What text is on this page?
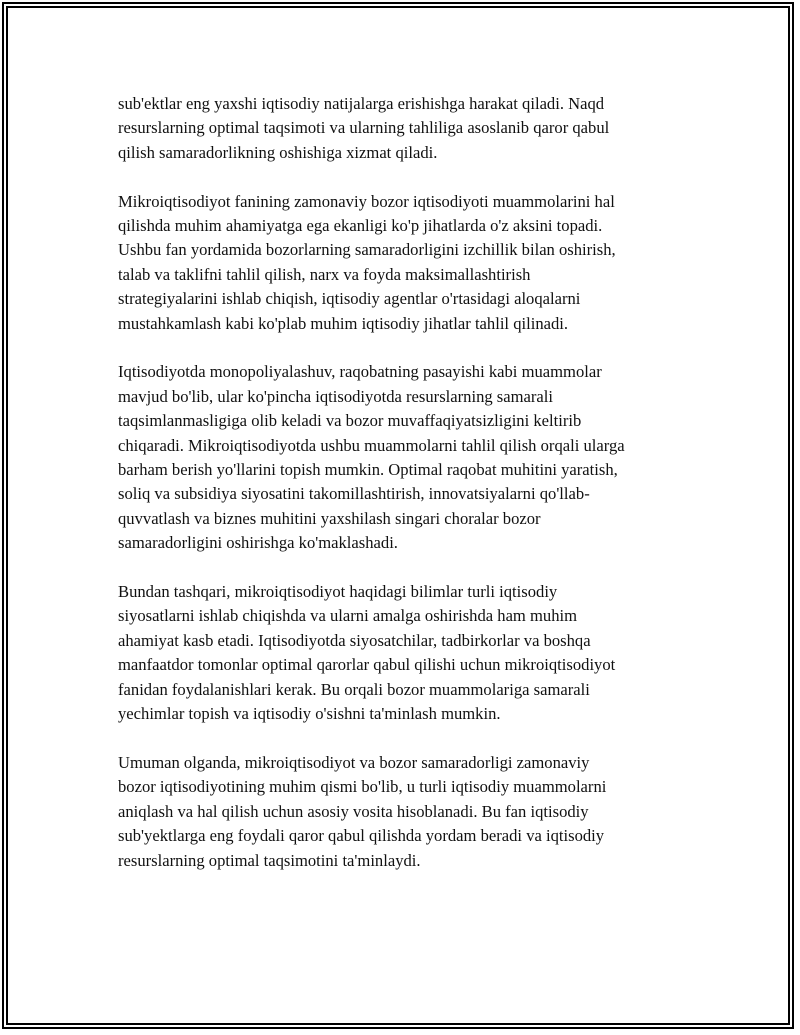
sub'ektlar eng yaxshi iqtisodiy natijalarga erishishga harakat qiladi. Naqd
resurslarning optimal taqsimoti va ularning tahliliga asoslanib qaror qabul
qilish samaradorlikning oshishiga xizmat qiladi.

Mikroiqtisodiyot fanining zamonaviy bozor iqtisodiyoti muammolarini hal
qilishda muhim ahamiyatga ega ekanligi ko'p jihatlarda o'z aksini topadi.
Ushbu fan yordamida bozorlarning samaradorligini izchillik bilan oshirish,
talab va taklifni tahlil qilish, narx va foyda maksimallashtirish
strategiyalarini ishlab chiqish, iqtisodiy agentlar o'rtasidagi aloqalarni
mustahkamlash kabi ko'plab muhim iqtisodiy jihatlar tahlil qilinadi.

Iqtisodiyotda monopoliyalashuv, raqobatning pasayishi kabi muammolar
mavjud bo'lib, ular ko'pincha iqtisodiyotda resurslarning samarali
taqsimlanmasligiga olib keladi va bozor muvaffaqiyatsizligini keltirib
chiqaradi. Mikroiqtisodiyotda ushbu muammolarni tahlil qilish orqali ularga
barham berish yo'llarini topish mumkin. Optimal raqobat muhitini yaratish,
soliq va subsidiya siyosatini takomillashtirish, innovatsiyalarni qo'llab-
quvvatlash va biznes muhitini yaxshilash singari choralar bozor
samaradorligini oshirishga ko'maklashadi.

Bundan tashqari, mikroiqtisodiyot haqidagi bilimlar turli iqtisodiy
siyosatlarni ishlab chiqishda va ularni amalga oshirishda ham muhim
ahamiyat kasb etadi. Iqtisodiyotda siyosatchilar, tadbirkorlar va boshqa
manfaatdor tomonlar optimal qarorlar qabul qilishi uchun mikroiqtisodiyot
fanidan foydalanishlari kerak. Bu orqali bozor muammolariga samarali
yechimlar topish va iqtisodiy o'sishni ta'minlash mumkin.

Umuman olganda, mikroiqtisodiyot va bozor samaradorligi zamonaviy
bozor iqtisodiyotining muhim qismi bo'lib, u turli iqtisodiy muammolarni
aniqlash va hal qilish uchun asosiy vosita hisoblanadi. Bu fan iqtisodiy
sub'yektlarga eng foydali qaror qabul qilishda yordam beradi va iqtisodiy
resurslarning optimal taqsimotini ta'minlaydi.
